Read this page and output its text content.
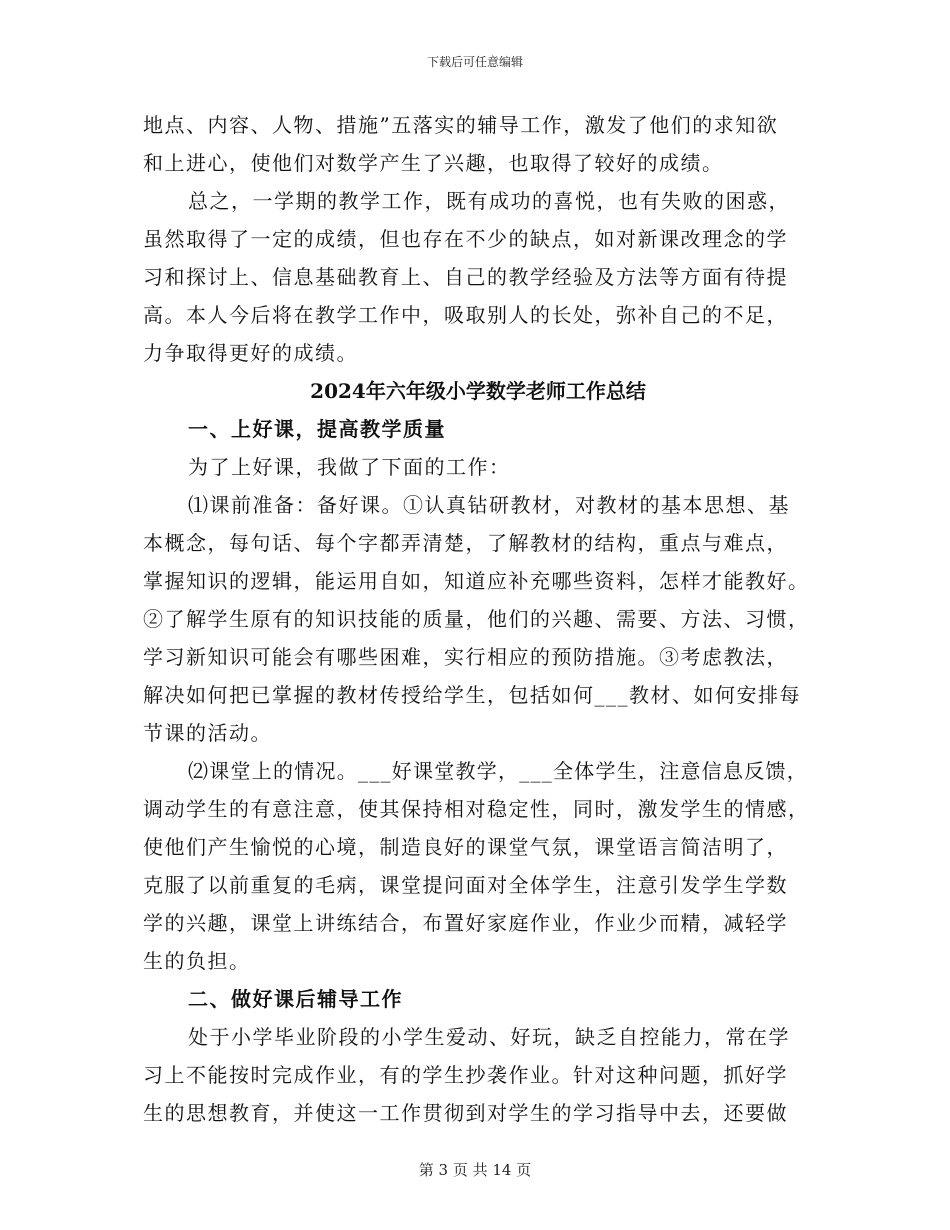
下载后可任意编辑
地点、内容、人物、措施”五落实的辅导工作，激发了他们的求知欲
和上进心，使他们对数学产生了兴趣，也取得了较好的成绩。
总之，一学期的教学工作，既有成功的喜悦，也有失败的困惑，
虽然取得了一定的成绩，但也存在不少的缺点，如对新课改理念的学
习和探讨上、信息基础教育上、自己的教学经验及方法等方面有待提
高。本人今后将在教学工作中，吸取别人的长处，弥补自己的不足，
力争取得更好的成绩。
2024年六年级小学数学老师工作总结
一、上好课，提高教学质量
为了上好课，我做了下面的工作：
⑴课前准备：备好课。①认真钻研教材，对教材的基本思想、基
本概念，每句话、每个字都弄清楚，了解教材的结构，重点与难点，
掌握知识的逻辑，能运用自如，知道应补充哪些资料，怎样才能教好。
②了解学生原有的知识技能的质量，他们的兴趣、需要、方法、习惯，
学习新知识可能会有哪些困难，实行相应的预防措施。③考虑教法，
解决如何把已掌握的教材传授给学生，包括如何___教材、如何安排每
节课的活动。
⑵课堂上的情况。___好课堂教学，___全体学生，注意信息反馈，
调动学生的有意注意，使其保持相对稳定性，同时，激发学生的情感，
使他们产生愉悦的心境，制造良好的课堂气氛，课堂语言简洁明了，
克服了以前重复的毛病，课堂提问面对全体学生，注意引发学生学数
学的兴趣，课堂上讲练结合，布置好家庭作业，作业少而精，减轻学
生的负担。
二、做好课后辅导工作
处于小学毕业阶段的小学生爱动、好玩，缺乏自控能力，常在学
习上不能按时完成作业，有的学生抄袭作业。针对这种问题，抓好学
生的思想教育，并使这一工作贯彻到对学生的学习指导中去，还要做
第 3 页 共 14 页
